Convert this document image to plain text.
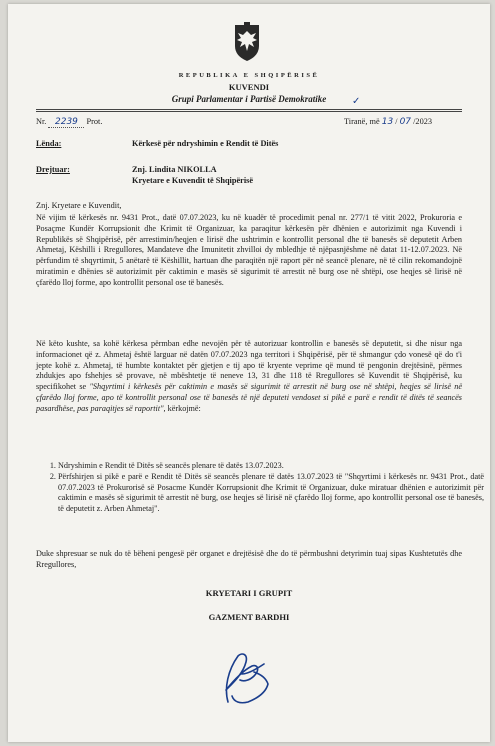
REPUBLIKA E SHQIPËRISË
KUVENDI
Grupi Parlamentar i Partisë Demokratike	✓
Nr. 2239 Prot.	Tiranë, më 13 / 07 /2023
Lënda:	Kërkesë për ndryshimin e Rendit të Ditës
Drejtuar:	Znj. Lindita NIKOLLA
Kryetare e Kuvendit të Shqipërisë
Znj. Kryetare e Kuvendit,

Në vijim të kërkesës nr. 9431 Prot., datë 07.07.2023, ku në kuadër të procedimit penal nr. 277/1 të vitit 2022, Prokuroria e Posaçme Kundër Korrupsionit dhe Krimit të Organizuar, ka paraqitur kërkesën për dhënien e autorizimit nga Kuvendi i Republikës së Shqipërisë, për arrestimin/heqjen e lirisë dhe ushtrimin e kontrollit personal dhe të banesës së deputetit Arben Ahmetaj, Këshilli i Rregullores, Mandateve dhe Imunitetit zhvilloi dy mbledhje të njëpasnjëshme në datat 11-12.07.2023. Në përfundim të shqyrtimit, 5 anëtarë të Këshillit, hartuan dhe paraqitën një raport për në seancë plenare, në të cilin rekomandojnë miratimin e dhënies së autorizimit për caktimin e masës së sigurimit të arrestit në burg ose në shtëpi, ose heqjes së lirisë në çfarëdo lloj forme, apo kontrollit personal ose të banesës.

Në këto kushte, sa kohë kërkesa përmban edhe nevojën për të autorizuar kontrollin e banesës së deputetit, si dhe nisur nga informacionet që z. Ahmetaj është larguar në datën 07.07.2023 nga territori i Shqipërisë, për të shmangur çdo vonesë që do t'i jepte kohë z. Ahmetaj, të humbte kontaktet për gjetjen e tij apo të kryente veprime që mund të pengonin drejtësinë, përmes zhdukjes apo fshehjes së provave, në mbështetje të neneve 13, 31 dhe 118 të Rregullores së Kuvendit të Shqipërisë, ku specifikohet se "Shqyrtimi i kërkesës për caktimin e masës së sigurimit të arrestit në burg ose në shtëpi, heqjes së lirisë në çfarëdo lloj forme, apo të kontrollit personal ose të banesës të një deputeti vendoset si pikë e parë e rendit të ditës të seancës pasardhëse, pas paraqitjes së raportit", kërkojmë:

1. Ndryshimin e Rendit të Ditës së seancës plenare të datës 13.07.2023.
2. Përfshirjen si pikë e parë e Rendit të Ditës së seancës plenare të datës 13.07.2023 të "Shqyrtimi i kërkesës nr. 9431 Prot., datë 07.07.2023 të Prokurorisë së Posacme Kundër Korrupsionit dhe Krimit të Organizuar, duke miratuar dhënien e autorizimit për caktimin e masës së sigurimit të arrestit në burg, ose heqjes së lirisë në çfarëdo lloj forme, apo kontrollit personal ose të banesës, të deputetit z. Arben Ahmetaj".

Duke shpresuar se nuk do të bëheni pengesë për organet e drejtësisë dhe do të përmbushni detyrimin tuaj sipas Kushtetutës dhe Rregullores,

KRYETARI I GRUPIT
GAZMENT BARDHI
